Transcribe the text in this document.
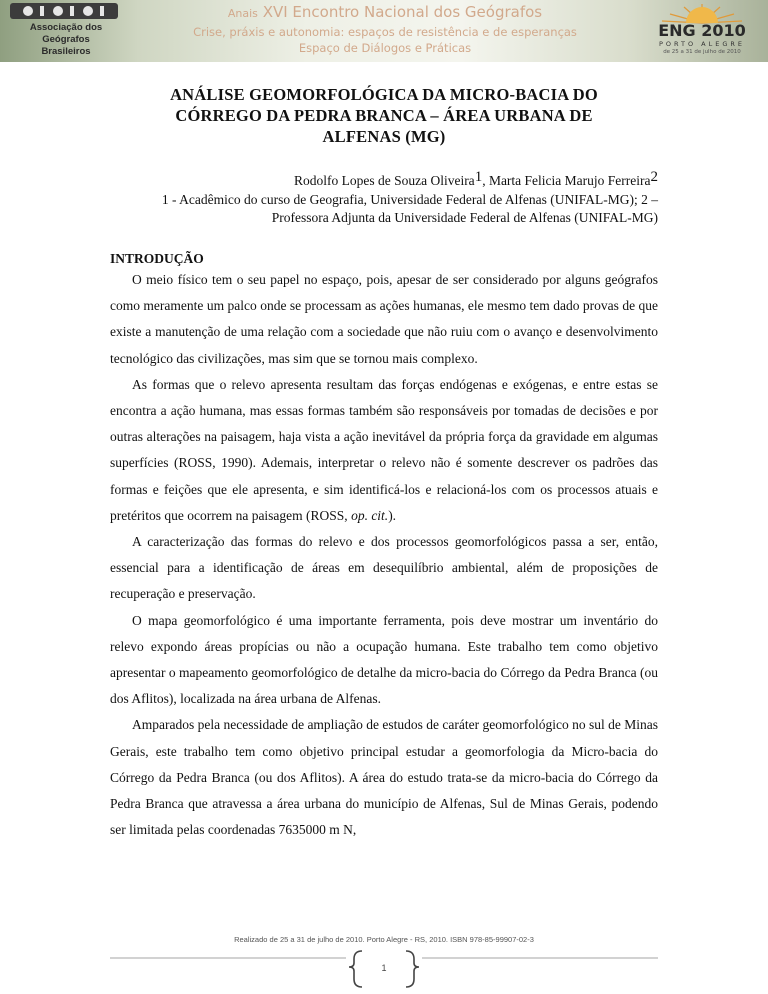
Associação dos
Geógrafos
Brasileiros
Anais XVI Encontro Nacional dos Geógrafos
Crise, práxis e autonomia: espaços de resistência e de esperanças
Espaço de Diálogos e Práticas
ENG 2010
PORTO ALEGRE
de 25 a 31 de julho de 2010
ANÁLISE GEOMORFOLÓGICA DA MICRO-BACIA DO
CÓRREGO DA PEDRA BRANCA – ÁREA URBANA DE
ALFENAS (MG)
Rodolfo Lopes de Souza Oliveira$^1$, Marta Felicia Marujo Ferreira$^2$
1 - Acadêmico do curso de Geografia, Universidade Federal de Alfenas (UNIFAL-MG); 2 –
Professora Adjunta da Universidade Federal de Alfenas (UNIFAL-MG)
INTRODUÇÃO

O meio físico tem o seu papel no espaço, pois, apesar de ser considerado por alguns geógrafos como meramente um palco onde se processam as ações humanas, ele mesmo tem dado provas de que existe a manutenção de uma relação com a sociedade que não ruiu com o avanço e desenvolvimento tecnológico das civilizações, mas sim que se tornou mais complexo.

As formas que o relevo apresenta resultam das forças endógenas e exógenas, e entre estas se encontra a ação humana, mas essas formas também são responsáveis por tomadas de decisões e por outras alterações na paisagem, haja vista a ação inevitável da própria força da gravidade em algumas superfícies (ROSS, 1990). Ademais, interpretar o relevo não é somente descrever os padrões das formas e feições que ele apresenta, e sim identificá-los e relacioná-los com os processos atuais e pretéritos que ocorrem na paisagem (ROSS, op. cit.).

A caracterização das formas do relevo e dos processos geomorfológicos passa a ser, então, essencial para a identificação de áreas em desequilíbrio ambiental, além de proposições de recuperação e preservação.

O mapa geomorfológico é uma importante ferramenta, pois deve mostrar um inventário do relevo expondo áreas propícias ou não a ocupação humana. Este trabalho tem como objetivo apresentar o mapeamento geomorfológico de detalhe da micro-bacia do Córrego da Pedra Branca (ou dos Aflitos), localizada na área urbana de Alfenas.

Amparados pela necessidade de ampliação de estudos de caráter geomorfológico no sul de Minas Gerais, este trabalho tem como objetivo principal estudar a geomorfologia da Micro-bacia do Córrego da Pedra Branca (ou dos Aflitos). A área do estudo trata-se da micro-bacia do Córrego da Pedra Branca que atravessa a área urbana do município de Alfenas, Sul de Minas Gerais, podendo ser limitada pelas coordenadas 7635000 m N,

Realizado de 25 a 31 de julho de 2010. Porto Alegre - RS, 2010. ISBN 978-85-99907-02-3
1
